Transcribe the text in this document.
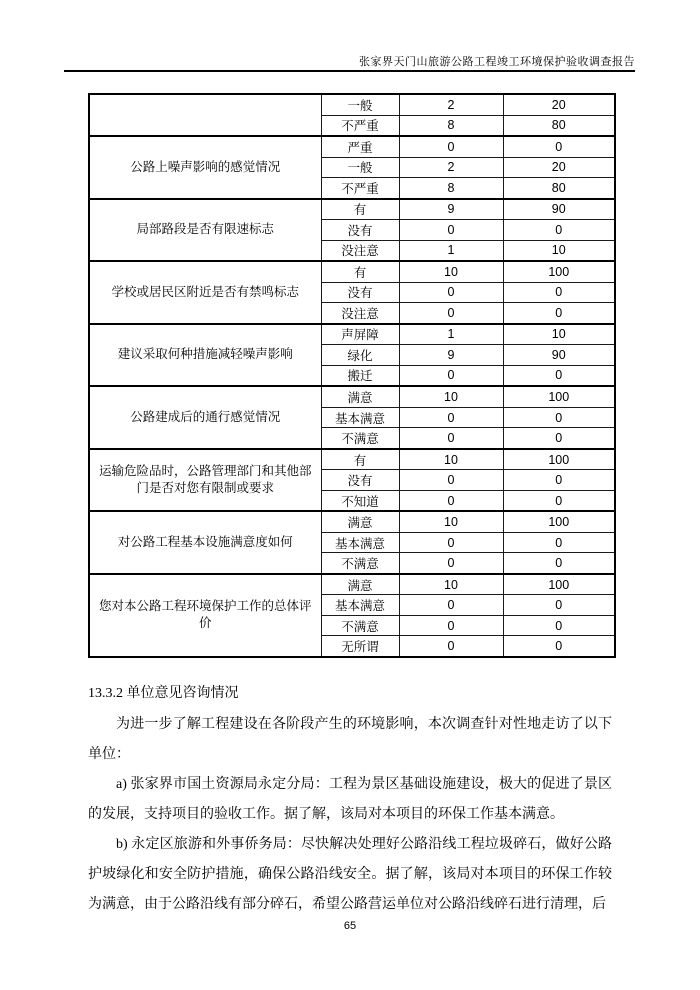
张家界天门山旅游公路工程竣工环境保护验收调查报告
	一般	2	20
	不严重	8	80
公路上噪声影响的感觉情况	严重	0	0
	一般	2	20
	不严重	8	80
局部路段是否有限速标志	有	9	90
	没有	0	0
	没注意	1	10
学校或居民区附近是否有禁鸣标志	有	10	100
	没有	0	0
	没注意	0	0
建议采取何种措施减轻噪声影响	声屏障	1	10
	绿化	9	90
	搬迁	0	0
公路建成后的通行感觉情况	满意	10	100
	基本满意	0	0
	不满意	0	0
运输危险品时，公路管理部门和其他部门是否对您有限制或要求	有	10	100
	没有	0	0
	不知道	0	0
对公路工程基本设施满意度如何	满意	10	100
	基本满意	0	0
	不满意	0	0
您对本公路工程环境保护工作的总体评价	满意	10	100
	基本满意	0	0
	不满意	0	0
	无所谓	0	0
13.3.2 单位意见咨询情况

为进一步了解工程建设在各阶段产生的环境影响，本次调查针对性地走访了以下单位：

a) 张家界市国土资源局永定分局：工程为景区基础设施建设，极大的促进了景区的发展，支持项目的验收工作。据了解，该局对本项目的环保工作基本满意。

b) 永定区旅游和外事侨务局：尽快解决处理好公路沿线工程垃圾碎石，做好公路护坡绿化和安全防护措施，确保公路沿线安全。据了解，该局对本项目的环保工作较为满意，由于公路沿线有部分碎石，希望公路营运单位对公路沿线碎石进行清理，后

65
